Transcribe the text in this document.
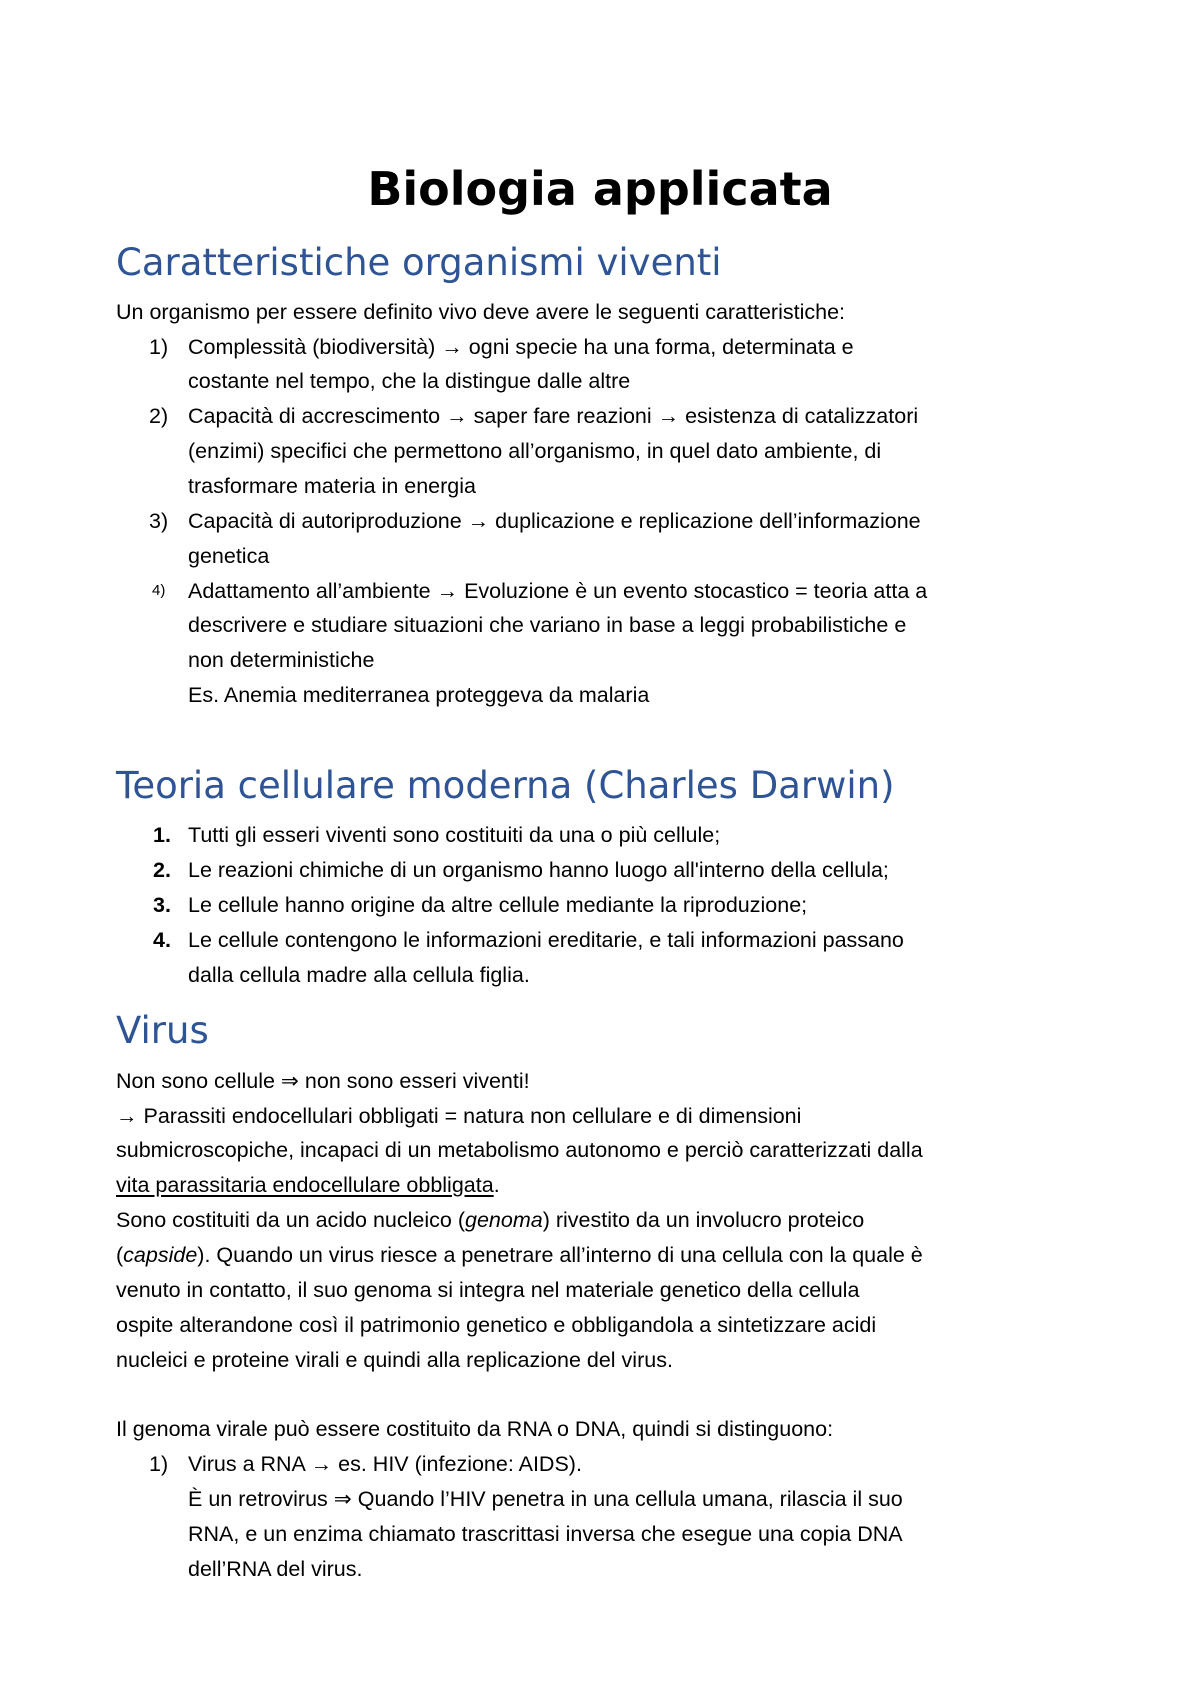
Biologia applicata
Caratteristiche organismi viventi
Un organismo per essere definito vivo deve avere le seguenti caratteristiche:
1) Complessità (biodiversità) → ogni specie ha una forma, determinata e
costante nel tempo, che la distingue dalle altre
2) Capacità di accrescimento → saper fare reazioni → esistenza di catalizzatori
(enzimi) specifici che permettono all’organismo, in quel dato ambiente, di
trasformare materia in energia
3) Capacità di autoriproduzione → duplicazione e replicazione dell’informazione
genetica
4) Adattamento all’ambiente → Evoluzione è un evento stocastico = teoria atta a
descrivere e studiare situazioni che variano in base a leggi probabilistiche e
non deterministiche
Es. Anemia mediterranea proteggeva da malaria
Teoria cellulare moderna (Charles Darwin)
1. Tutti gli esseri viventi sono costituiti da una o più cellule;
2. Le reazioni chimiche di un organismo hanno luogo all'interno della cellula;
3. Le cellule hanno origine da altre cellule mediante la riproduzione;
4. Le cellule contengono le informazioni ereditarie, e tali informazioni passano
dalla cellula madre alla cellula figlia.
Virus
Non sono cellule ⇒ non sono esseri viventi!
→ Parassiti endocellulari obbligati = natura non cellulare e di dimensioni
submicroscopiche, incapaci di un metabolismo autonomo e perciò caratterizzati dalla
vita parassitaria endocellulare obbligata.
Sono costituiti da un acido nucleico (genoma) rivestito da un involucro proteico
(capside). Quando un virus riesce a penetrare all’interno di una cellula con la quale è
venuto in contatto, il suo genoma si integra nel materiale genetico della cellula
ospite alterandone così il patrimonio genetico e obbligandola a sintetizzare acidi
nucleici e proteine virali e quindi alla replicazione del virus.
Il genoma virale può essere costituito da RNA o DNA, quindi si distinguono:
1) Virus a RNA → es. HIV (infezione: AIDS).
È un retrovirus ⇒ Quando l’HIV penetra in una cellula umana, rilascia il suo
RNA, e un enzima chiamato trascrittasi inversa che esegue una copia DNA
dell’RNA del virus.
